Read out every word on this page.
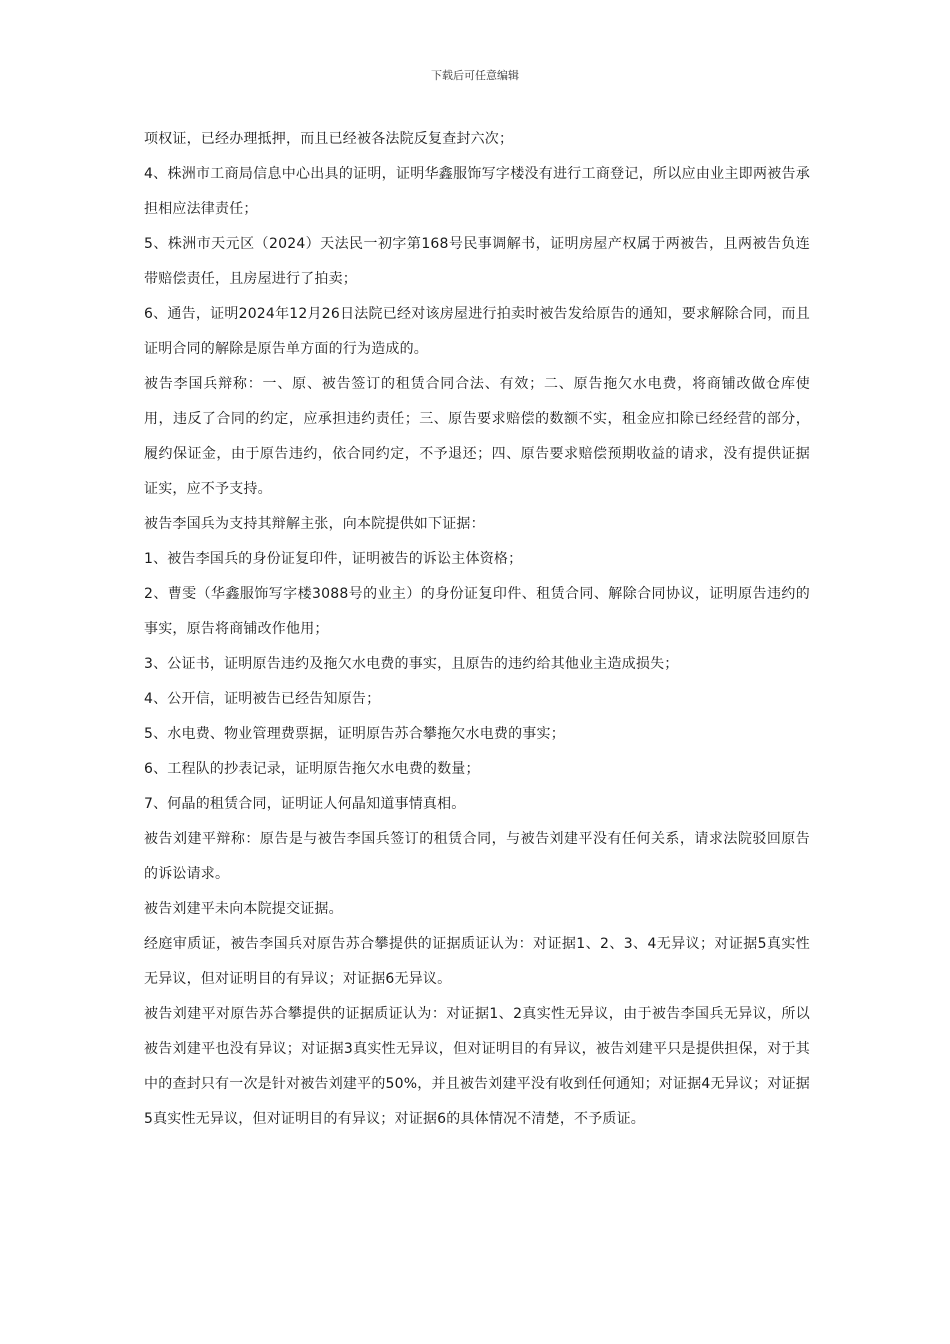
下载后可任意编辑

项权证，已经办理抵押，而且已经被各法院反复查封六次；

4、株洲市工商局信息中心出具的证明，证明华鑫服饰写字楼没有进行工商登记，所以应由业主即两被告承担相应法律责任；

5、株洲市天元区（2024）天法民一初字第168号民事调解书，证明房屋产权属于两被告，且两被告负连带赔偿责任，且房屋进行了拍卖；

6、通告，证明2024年12月26日法院已经对该房屋进行拍卖时被告发给原告的通知，要求解除合同，而且证明合同的解除是原告单方面的行为造成的。

被告李国兵辩称：一、原、被告签订的租赁合同合法、有效；二、原告拖欠水电费，将商铺改做仓库使用，违反了合同的约定，应承担违约责任；三、原告要求赔偿的数额不实，租金应扣除已经经营的部分，履约保证金，由于原告违约，依合同约定，不予退还；四、原告要求赔偿预期收益的请求，没有提供证据证实，应不予支持。

被告李国兵为支持其辩解主张，向本院提供如下证据：

1、被告李国兵的身份证复印件，证明被告的诉讼主体资格；

2、曹雯（华鑫服饰写字楼3088号的业主）的身份证复印件、租赁合同、解除合同协议，证明原告违约的事实，原告将商铺改作他用；

3、公证书，证明原告违约及拖欠水电费的事实，且原告的违约给其他业主造成损失；

4、公开信，证明被告已经告知原告；

5、水电费、物业管理费票据，证明原告苏合攀拖欠水电费的事实；

6、工程队的抄表记录，证明原告拖欠水电费的数量；

7、何晶的租赁合同，证明证人何晶知道事情真相。

被告刘建平辩称：原告是与被告李国兵签订的租赁合同，与被告刘建平没有任何关系，请求法院驳回原告的诉讼请求。

被告刘建平未向本院提交证据。

经庭审质证，被告李国兵对原告苏合攀提供的证据质证认为：对证据1、2、3、4无异议；对证据5真实性无异议，但对证明目的有异议；对证据6无异议。

被告刘建平对原告苏合攀提供的证据质证认为：对证据1、2真实性无异议，由于被告李国兵无异议，所以被告刘建平也没有异议；对证据3真实性无异议，但对证明目的有异议，被告刘建平只是提供担保，对于其中的查封只有一次是针对被告刘建平的50%，并且被告刘建平没有收到任何通知；对证据4无异议；对证据5真实性无异议，但对证明目的有异议；对证据6的具体情况不清楚，不予质证。
